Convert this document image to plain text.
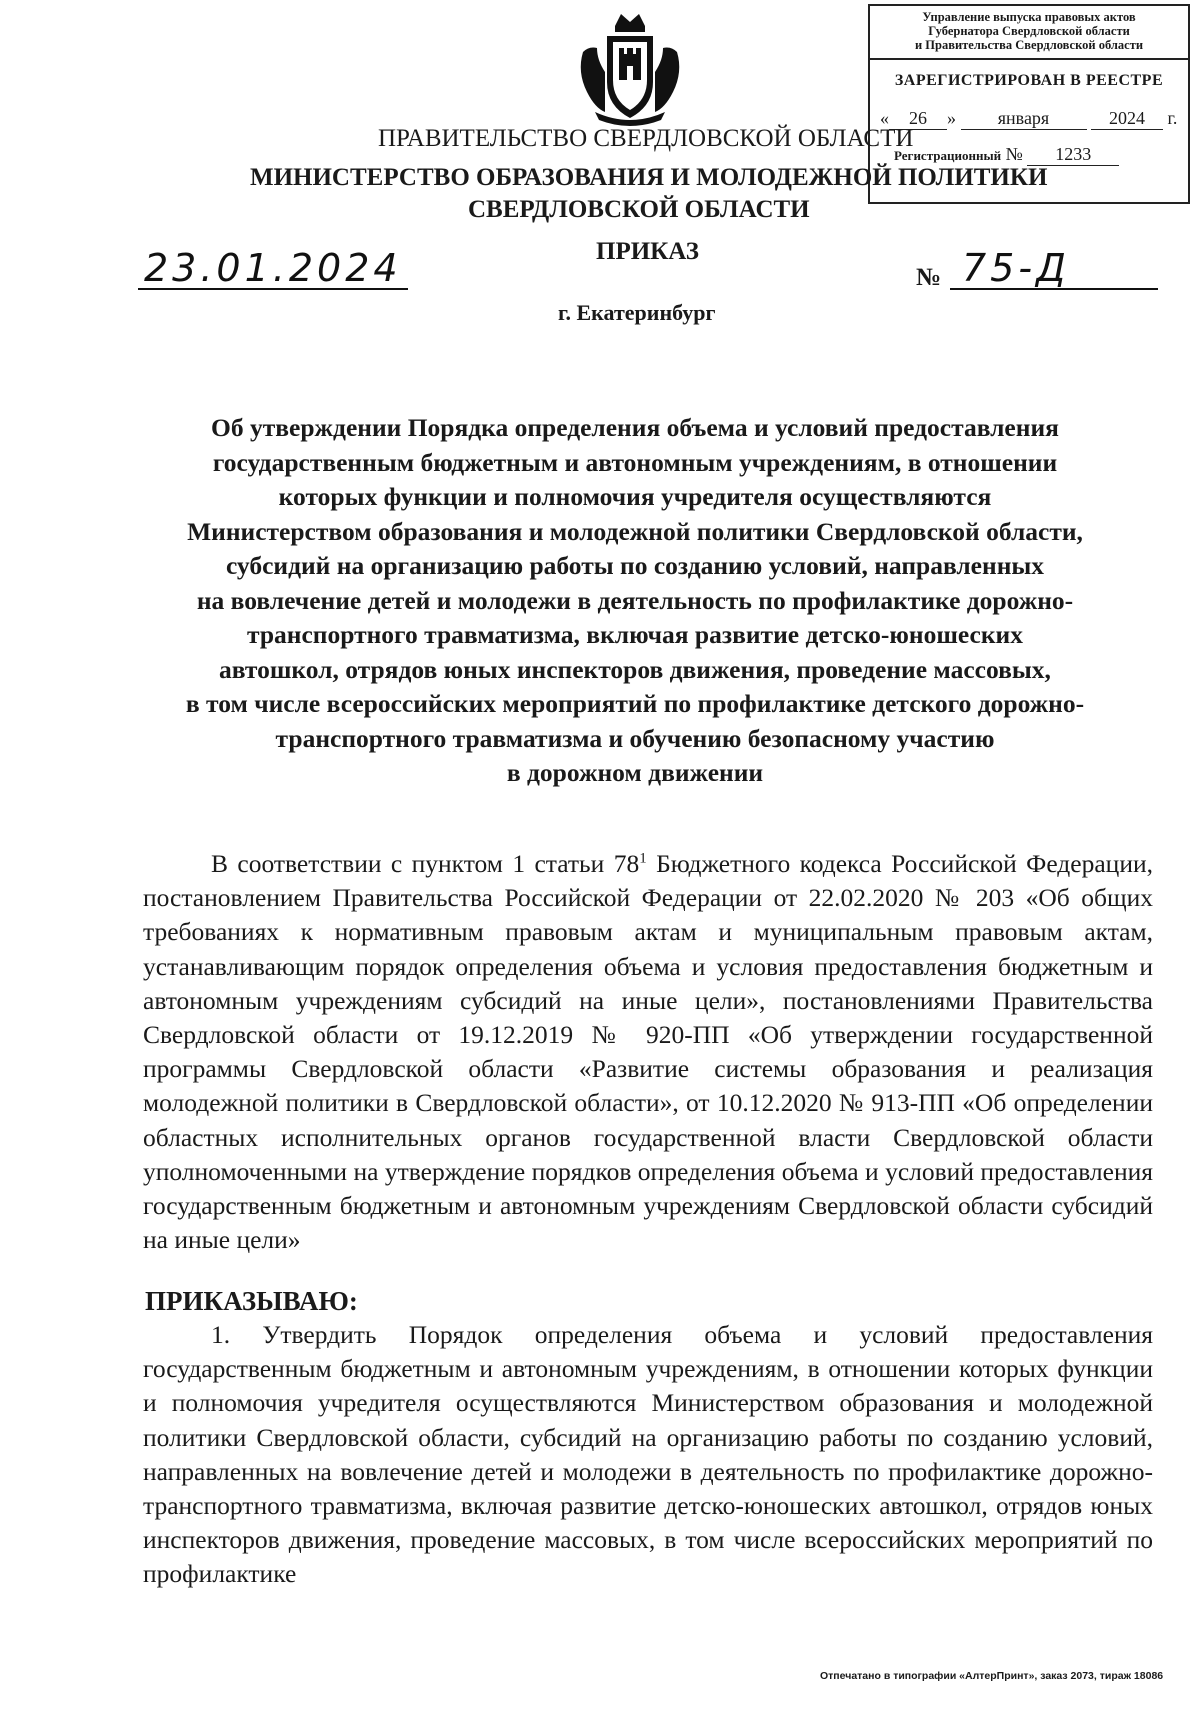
Управление выпуска правовых актов
Губернатора Свердловской области
и Правительства Свердловской области
ЗАРЕГИСТРИРОВАН В РЕЕСТРЕ
« 26 » января	2024 г.
Регистрационный № 1233
ПРАВИТЕЛЬСТВО СВЕРДЛОВСКОЙ ОБЛАСТИ
МИНИСТЕРСТВО ОБРАЗОВАНИЯ И МОЛОДЕЖНОЙ ПОЛИТИКИ
СВЕРДЛОВСКОЙ ОБЛАСТИ
ПРИКАЗ
23.01.2024	№ 75-Д
г. Екатеринбург
Об утверждении Порядка определения объема и условий предоставления
государственным бюджетным и автономным учреждениям, в отношении
которых функции и полномочия учредителя осуществляются
Министерством образования и молодежной политики Свердловской области,
субсидий на организацию работы по созданию условий, направленных
на вовлечение детей и молодежи в деятельность по профилактике дорожно-
транспортного травматизма, включая развитие детско-юношеских
автошкол, отрядов юных инспекторов движения, проведение массовых,
в том числе всероссийских мероприятий по профилактике детского дорожно-
транспортного травматизма и обучению безопасному участию
в дорожном движении
В соответствии с пунктом 1 статьи $78^1$ Бюджетного кодекса Российской Федерации, постановлением Правительства Российской Федерации от 22.02.2020 № 203 «Об общих требованиях к нормативным правовым актам и муниципальным правовым актам, устанавливающим порядок определения объема и условия предоставления бюджетным и автономным учреждениям субсидий на иные цели», постановлениями Правительства Свердловской области от 19.12.2019 № 920-ПП «Об утверждении государственной программы Свердловской области «Развитие системы образования и реализация молодежной политики в Свердловской области», от 10.12.2020 № 913-ПП «Об определении областных исполнительных органов государственной власти Свердловской области уполномоченными на утверждение порядков определения объема и условий предоставления государственным бюджетным и автономным учреждениям Свердловской области субсидий на иные цели»
ПРИКАЗЫВАЮ:
1. Утвердить Порядок определения объема и условий предоставления государственным бюджетным и автономным учреждениям, в отношении которых функции и полномочия учредителя осуществляются Министерством образования и молодежной политики Свердловской области, субсидий на организацию работы по созданию условий, направленных на вовлечение детей и молодежи в деятельность по профилактике дорожно-транспортного травматизма, включая развитие детско-юношеских автошкол, отрядов юных инспекторов движения, проведение массовых, в том числе всероссийских мероприятий по профилактике
Отпечатано в типографии «АлтерПринт», заказ 2073, тираж 18086
